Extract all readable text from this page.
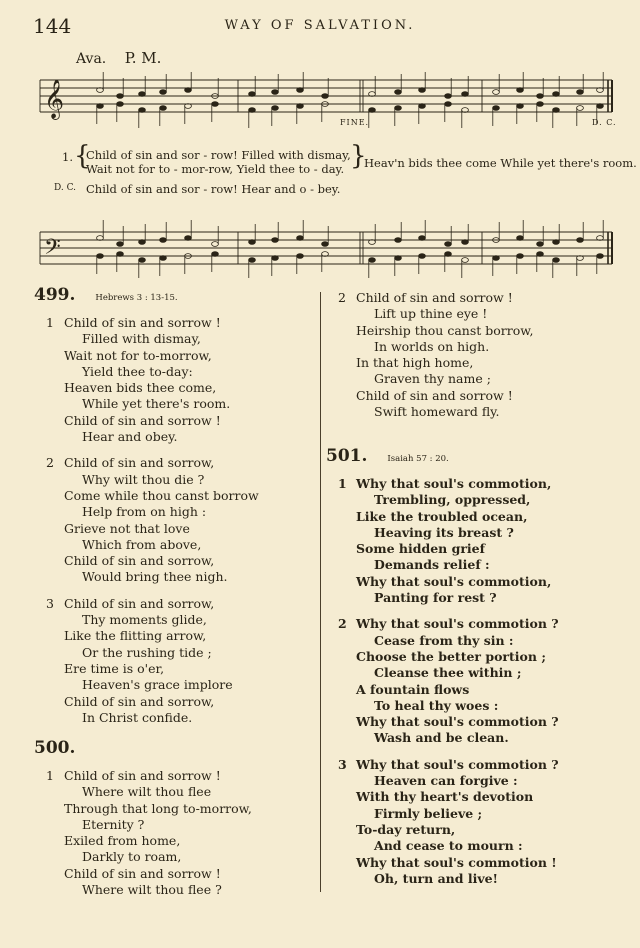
144	WAY OF SALVATION.
Ava. P. M.
𝄞
𝄢
FINE.	D. C.
1. {
Child of sin and sor - row! Filled with dismay,
Wait not for to - mor-row, Yield thee to - day. }
Heav'n bids thee come While yet there's room.
D. C. Child of sin and sor - row! Hear and o - bey.
499. Hebrews 3 : 13-15.
1 Child of sin and sorrow !
Filled with dismay,
Wait not for to-morrow,
Yield thee to-day:
Heaven bids thee come,
While yet there's room.
Child of sin and sorrow !
Hear and obey.
2 Child of sin and sorrow,
Why wilt thou die ?
Come while thou canst borrow
Help from on high :
Grieve not that love
Which from above,
Child of sin and sorrow,
Would bring thee nigh.
3 Child of sin and sorrow,
Thy moments glide,
Like the flitting arrow,
Or the rushing tide ;
Ere time is o'er,
Heaven's grace implore
Child of sin and sorrow,
In Christ confide.
500.
1 Child of sin and sorrow !
Where wilt thou flee
Through that long to-morrow,
Eternity ?
Exiled from home,
Darkly to roam,
Child of sin and sorrow !
Where wilt thou flee ?
2 Child of sin and sorrow !
Lift up thine eye !
Heirship thou canst borrow,
In worlds on high.
In that high home,
Graven thy name ;
Child of sin and sorrow !
Swift homeward fly.
501. Isaiah 57 : 20.
1 Why that soul's commotion,
Trembling, oppressed,
Like the troubled ocean,
Heaving its breast ?
Some hidden grief
Demands relief :
Why that soul's commotion,
Panting for rest ?
2 Why that soul's commotion ?
Cease from thy sin :
Choose the better portion ;
Cleanse thee within ;
A fountain flows
To heal thy woes :
Why that soul's commotion ?
Wash and be clean.
3 Why that soul's commotion ?
Heaven can forgive :
With thy heart's devotion
Firmly believe ;
To-day return,
And cease to mourn :
Why that soul's commotion !
Oh, turn and live!
